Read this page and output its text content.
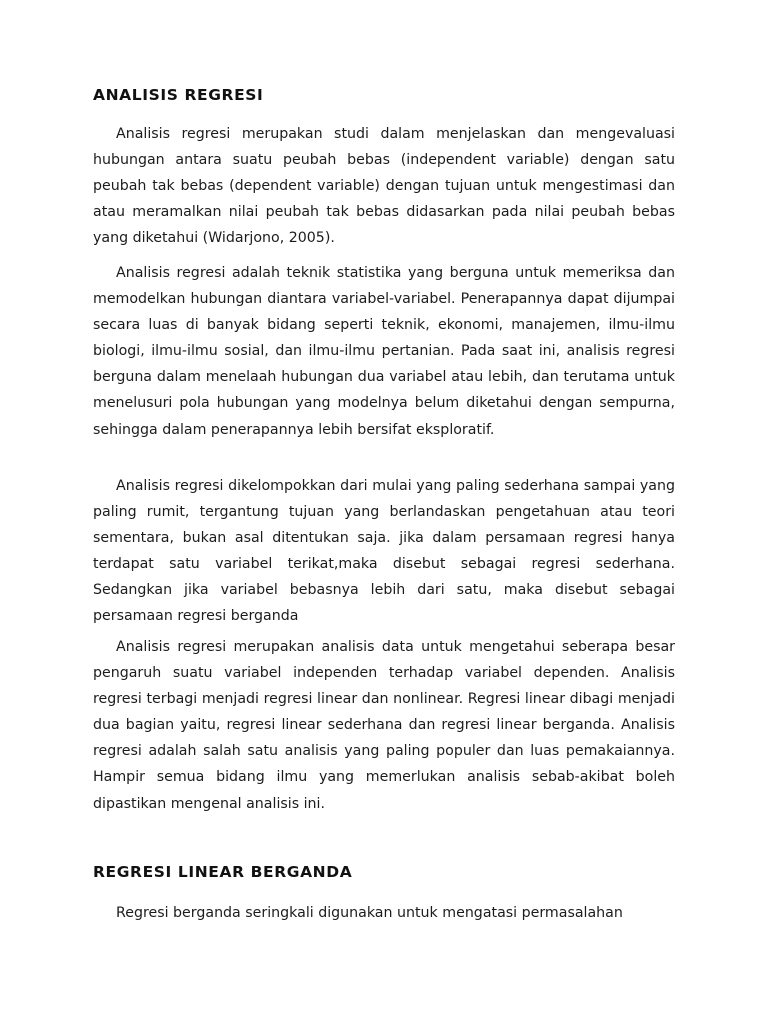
ANALISIS REGRESI

Analisis regresi merupakan studi dalam menjelaskan dan mengevaluasi hubungan antara suatu peubah bebas (independent variable) dengan satu peubah tak bebas (dependent variable) dengan tujuan untuk mengestimasi dan atau meramalkan nilai peubah tak bebas didasarkan pada nilai peubah bebas yang diketahui (Widarjono, 2005).

Analisis regresi adalah teknik statistika yang berguna untuk memeriksa dan memodelkan hubungan diantara variabel-variabel. Penerapannya dapat dijumpai secara luas di banyak bidang seperti teknik, ekonomi, manajemen, ilmu-ilmu biologi, ilmu-ilmu sosial, dan ilmu-ilmu pertanian. Pada saat ini, analisis regresi berguna dalam menelaah hubungan dua variabel atau lebih, dan terutama untuk menelusuri pola hubungan yang modelnya belum diketahui dengan sempurna, sehingga dalam penerapannya lebih bersifat eksploratif.

Analisis regresi dikelompokkan dari mulai yang paling sederhana sampai yang paling rumit, tergantung tujuan yang berlandaskan pengetahuan atau teori sementara, bukan asal ditentukan saja. jika dalam persamaan regresi hanya terdapat satu variabel terikat,maka disebut sebagai regresi sederhana. Sedangkan jika variabel bebasnya lebih dari satu, maka disebut sebagai persamaan regresi berganda

Analisis regresi merupakan analisis data untuk mengetahui seberapa besar pengaruh suatu variabel independen terhadap variabel dependen. Analisis regresi terbagi menjadi regresi linear dan nonlinear. Regresi linear dibagi menjadi dua bagian yaitu, regresi linear sederhana dan regresi linear berganda. Analisis regresi adalah salah satu analisis yang paling populer dan luas pemakaiannya. Hampir semua bidang ilmu yang memerlukan analisis sebab-akibat boleh dipastikan mengenal analisis ini.

REGRESI LINEAR BERGANDA

Regresi berganda seringkali digunakan untuk mengatasi permasalahan
